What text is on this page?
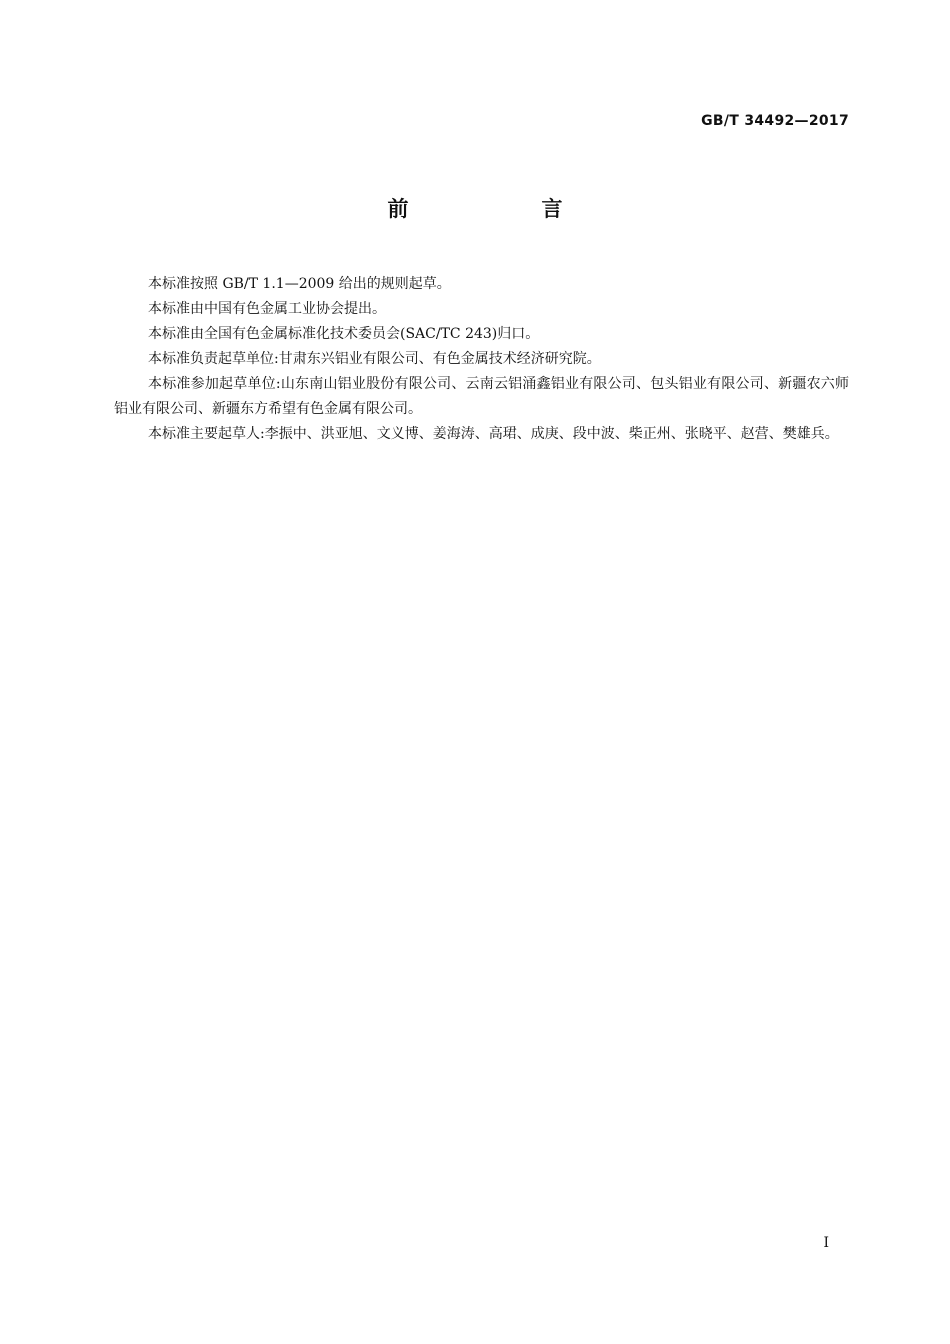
GB/T 34492—2017
前　言

本标准按照 GB/T 1.1—2009 给出的规则起草。

本标准由中国有色金属工业协会提出。

本标准由全国有色金属标准化技术委员会(SAC/TC 243)归口。

本标准负责起草单位:甘肃东兴铝业有限公司、有色金属技术经济研究院。

本标准参加起草单位:山东南山铝业股份有限公司、云南云铝涌鑫铝业有限公司、包头铝业有限公司、新疆农六师铝业有限公司、新疆东方希望有色金属有限公司。

本标准主要起草人:李振中、洪亚旭、文义博、姜海涛、高珺、成庚、段中波、柴正州、张晓平、赵营、樊雄兵。

I
